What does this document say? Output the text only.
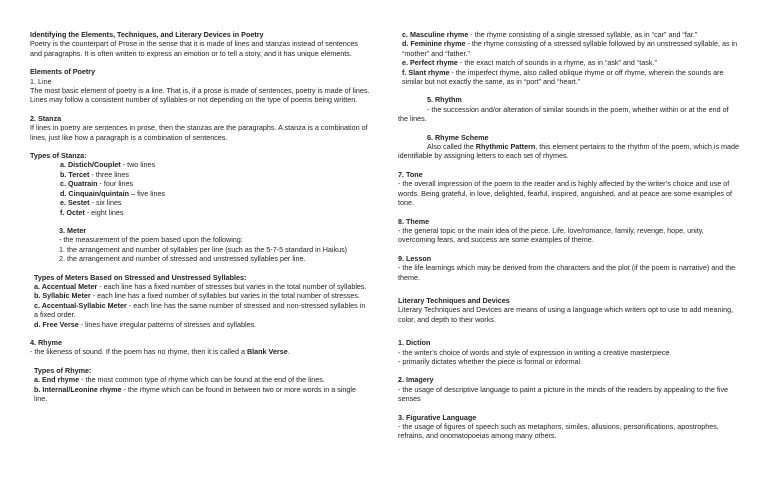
Identifying the Elements, Techniques, and Literary Devices in Poetry

Poetry is the counterpart of Prose in the sense that it is made of lines and stanzas instead of sentences and paragraphs. It is often written to express an emotion or to tell a story, and it has unique elements.

Elements of Poetry

1. Line

The most basic element of poetry is a line. That is, if a prose is made of sentences, poetry is made of lines. Lines may follow a consistent number of syllables or not depending on the type of poems being written.

2. Stanza

If lines in poetry are sentences in prose, then the stanzas are the paragraphs. A stanza is a combination of lines, just like how a paragraph is a combination of sentences.

Types of Stanza:

a. Distich/Couplet - two lines

b. Tercet - three lines

c. Quatrain - four lines

d. Cinquain/quintain – five lines

e. Sestet - six lines

f. Octet - eight lines

3. Meter

- the measurement of the poem based upon the following:

1. the arrangement and number of syllables per line (such as the 5-7-5 standard in Haikus)

2. the arrangement and number of stressed and unstressed syllables per line.

Types of Meters Based on Stressed and Unstressed Syllables:

a. Accentual Meter - each line has a fixed number of stresses but varies in the total number of syllables.

b. Syllabic Meter - each line has a fixed number of syllables but varies in the total number of stresses.

c. Accentual-Syllabic Meter - each line has the same number of stressed and non-stressed syllables in a fixed order.

d. Free Verse - lines have irregular patterns of stresses and syllables.

4. Rhyme

- the likeness of sound. If the poem has no rhyme, then it is called a Blank Verse.

Types of Rhyme:

a. End rhyme - the most common type of rhyme which can be found at the end of the lines.

b. Internal/Leonine rhyme - the rhyme which can be found in between two or more words in a single line.

c. Masculine rhyme - the rhyme consisting of a single stressed syllable, as in “car” and “far.”

d. Feminine rhyme - the rhyme consisting of a stressed syllable followed by an unstressed syllable, as in “mother” and “father.”

e. Perfect rhyme - the exact match of sounds in a rhyme, as in “ask” and “task.”

f. Slant rhyme - the imperfect rhyme, also called oblique rhyme or off rhyme, wherein the sounds are similar but not exactly the same, as in “port” and “heart.”

5. Rhythm

- the succession and/or alteration of similar sounds in the poem, whether within or at the end of the lines.

6. Rhyme Scheme

Also called the Rhythmic Pattern, this element pertains to the rhythm of the poem, which is made identifiable by assigning letters to each set of rhymes.

7. Tone

- the overall impression of the poem to the reader and is highly affected by the writer’s choice and use of words. Being grateful, in love, delighted, fearful, inspired, anguished, and at peace are some examples of tone.

8. Theme

- the general topic or the main idea of the piece. Life, love/romance, family, revenge, hope, unity, overcoming fears, and success are some examples of theme.

9. Lesson

- the life learnings which may be derived from the characters and the plot (if the poem is narrative) and the theme.

Literary Techniques and Devices

Literary Techniques and Devices are means of using a language which writers opt to use to add meaning, color, and depth to their works.

1. Diction

- the writer’s choice of words and style of expression in writing a creative masterpiece

- primarily dictates whether the piece is formal or informal.

2. Imagery

- the usage of descriptive language to paint a picture in the minds of the readers by appealing to the five senses

3. Figurative Language

- the usage of figures of speech such as metaphors, similes, allusions, personifications, apostrophes, refrains, and onomatopoeias among many others.
